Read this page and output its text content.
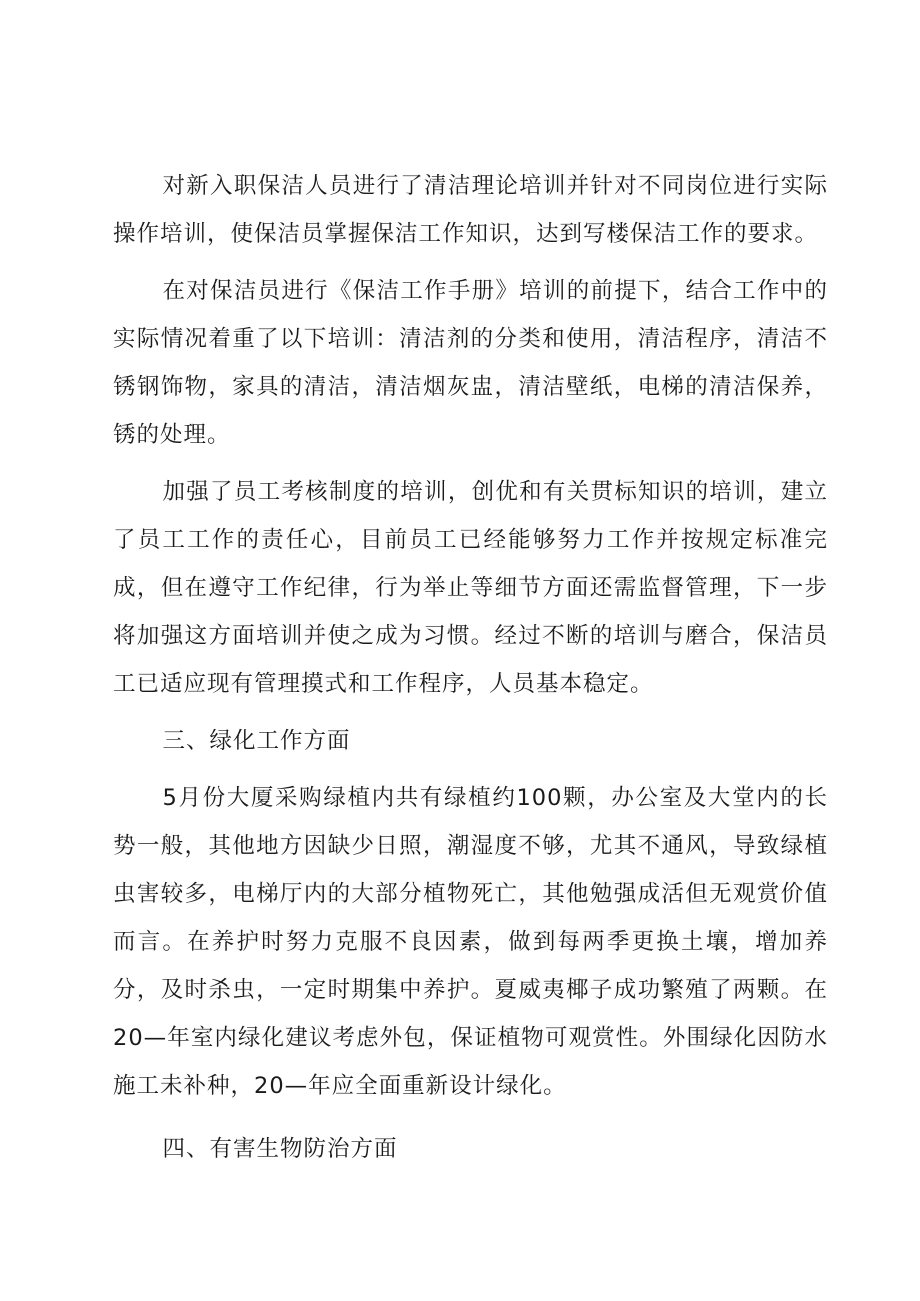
对新入职保洁人员进行了清洁理论培训并针对不同岗位进行实际操作培训，使保洁员掌握保洁工作知识，达到写楼保洁工作的要求。

在对保洁员进行《保洁工作手册》培训的前提下，结合工作中的实际情况着重了以下培训：清洁剂的分类和使用，清洁程序，清洁不锈钢饰物，家具的清洁，清洁烟灰盅，清洁壁纸，电梯的清洁保养，锈的处理。

加强了员工考核制度的培训，创优和有关贯标知识的培训，建立了员工工作的责任心，目前员工已经能够努力工作并按规定标准完成，但在遵守工作纪律，行为举止等细节方面还需监督管理，下一步将加强这方面培训并使之成为习惯。经过不断的培训与磨合，保洁员工已适应现有管理摸式和工作程序，人员基本稳定。

三、绿化工作方面

5月份大厦采购绿植内共有绿植约100颗，办公室及大堂内的长势一般，其他地方因缺少日照，潮湿度不够，尤其不通风，导致绿植虫害较多，电梯厅内的大部分植物死亡，其他勉强成活但无观赏价值而言。在养护时努力克服不良因素，做到每两季更换土壤，增加养分，及时杀虫，一定时期集中养护。夏威夷椰子成功繁殖了两颗。在20—年室内绿化建议考虑外包，保证植物可观赏性。外围绿化因防水施工未补种，20—年应全面重新设计绿化。

四、有害生物防治方面
